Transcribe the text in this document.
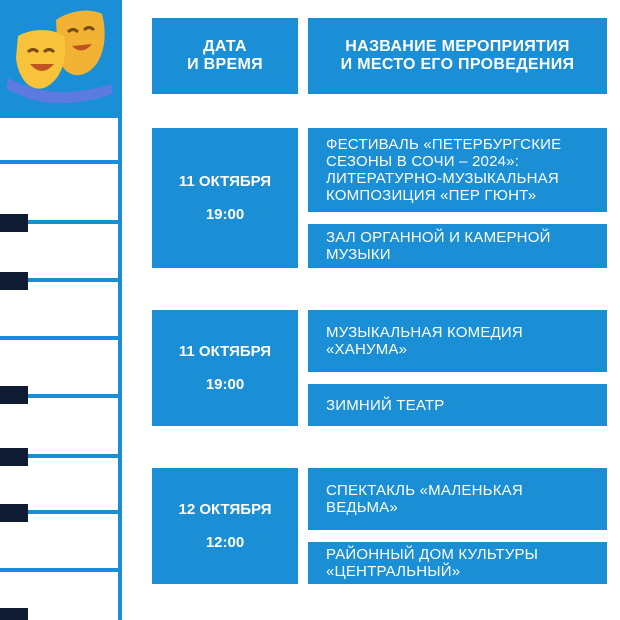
ДАТА
И ВРЕМЯ
НАЗВАНИЕ МЕРОПРИЯТИЯ
И МЕСТО ЕГО ПРОВЕДЕНИЯ
11 ОКТЯБРЯ
19:00
ФЕСТИВАЛЬ «ПЕТЕРБУРГСКИЕ СЕЗОНЫ В СОЧИ – 2024»: ЛИТЕРАТУРНО-МУЗЫКАЛЬНАЯ КОМПОЗИЦИЯ «ПЕР ГЮНТ»
ЗАЛ ОРГАННОЙ И КАМЕРНОЙ МУЗЫКИ
11 ОКТЯБРЯ
19:00
МУЗЫКАЛЬНАЯ КОМЕДИЯ «ХАНУМА»
ЗИМНИЙ ТЕАТР
12 ОКТЯБРЯ
12:00
СПЕКТАКЛЬ «МАЛЕНЬКАЯ ВЕДЬМА»
РАЙОННЫЙ ДОМ КУЛЬТУРЫ «ЦЕНТРАЛЬНЫЙ»
